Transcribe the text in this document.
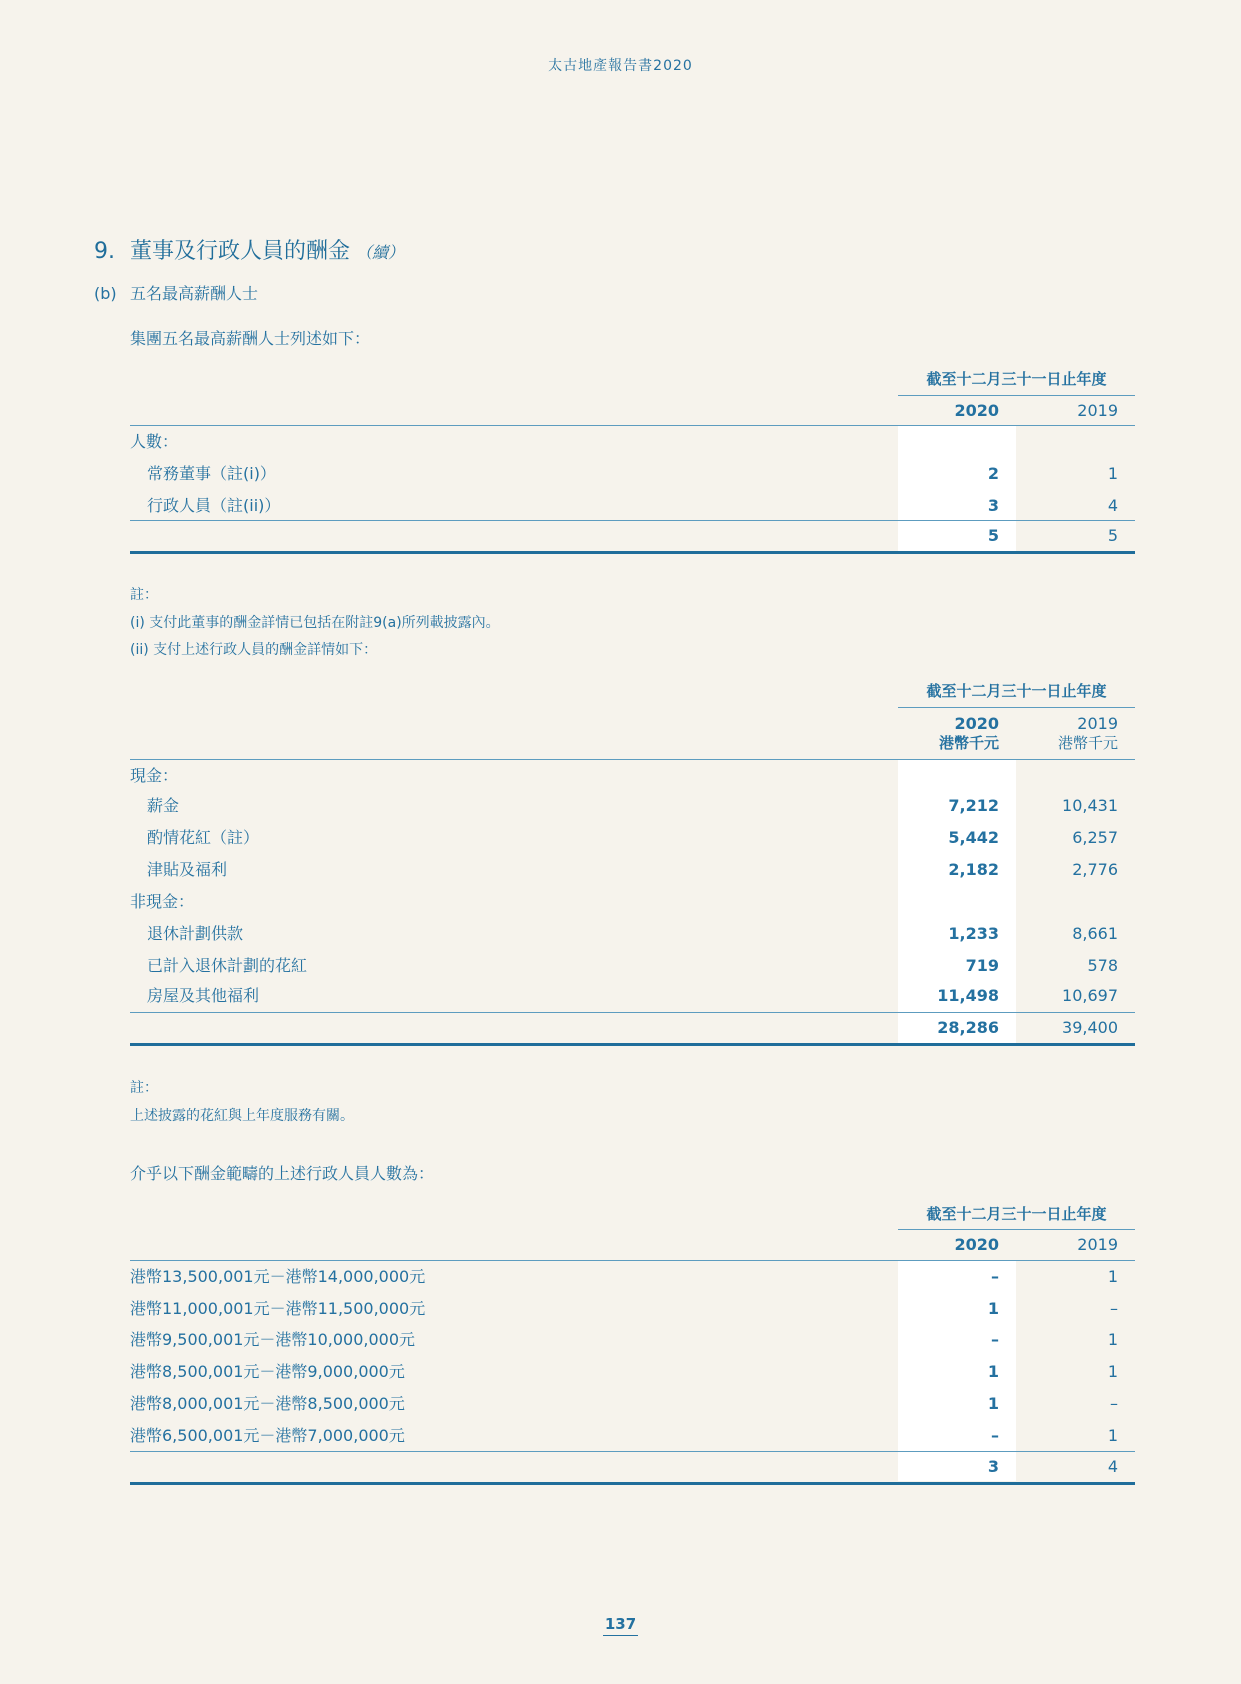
太古地產報告書2020
9. 董事及行政人員的酬金 （續）
(b) 五名最高薪酬人士
集團五名最高薪酬人士列述如下：
截至十二月三十一日止年度
2020	2019
人數：
常務董事（註(i)）	2	1
行政人員（註(ii)）	3	4
5	5
註：
(i) 支付此董事的酬金詳情已包括在附註9(a)所列載披露內。
(ii) 支付上述行政人員的酬金詳情如下：
截至十二月三十一日止年度
2020	2019
港幣千元	港幣千元
現金：
薪金	7,212	10,431
酌情花紅（註）	5,442	6,257
津貼及福利	2,182	2,776
非現金：
退休計劃供款	1,233	8,661
已計入退休計劃的花紅	719	578
房屋及其他福利	11,498	10,697
28,286	39,400
註：
上述披露的花紅與上年度服務有關。
介乎以下酬金範疇的上述行政人員人數為：
截至十二月三十一日止年度
2020	2019
港幣13,500,001元－港幣14,000,000元	–	1
港幣11,000,001元－港幣11,500,000元	1	–
港幣9,500,001元－港幣10,000,000元	–	1
港幣8,500,001元－港幣9,000,000元	1	1
港幣8,000,001元－港幣8,500,000元	1	–
港幣6,500,001元－港幣7,000,000元	–	1
3	4
137
